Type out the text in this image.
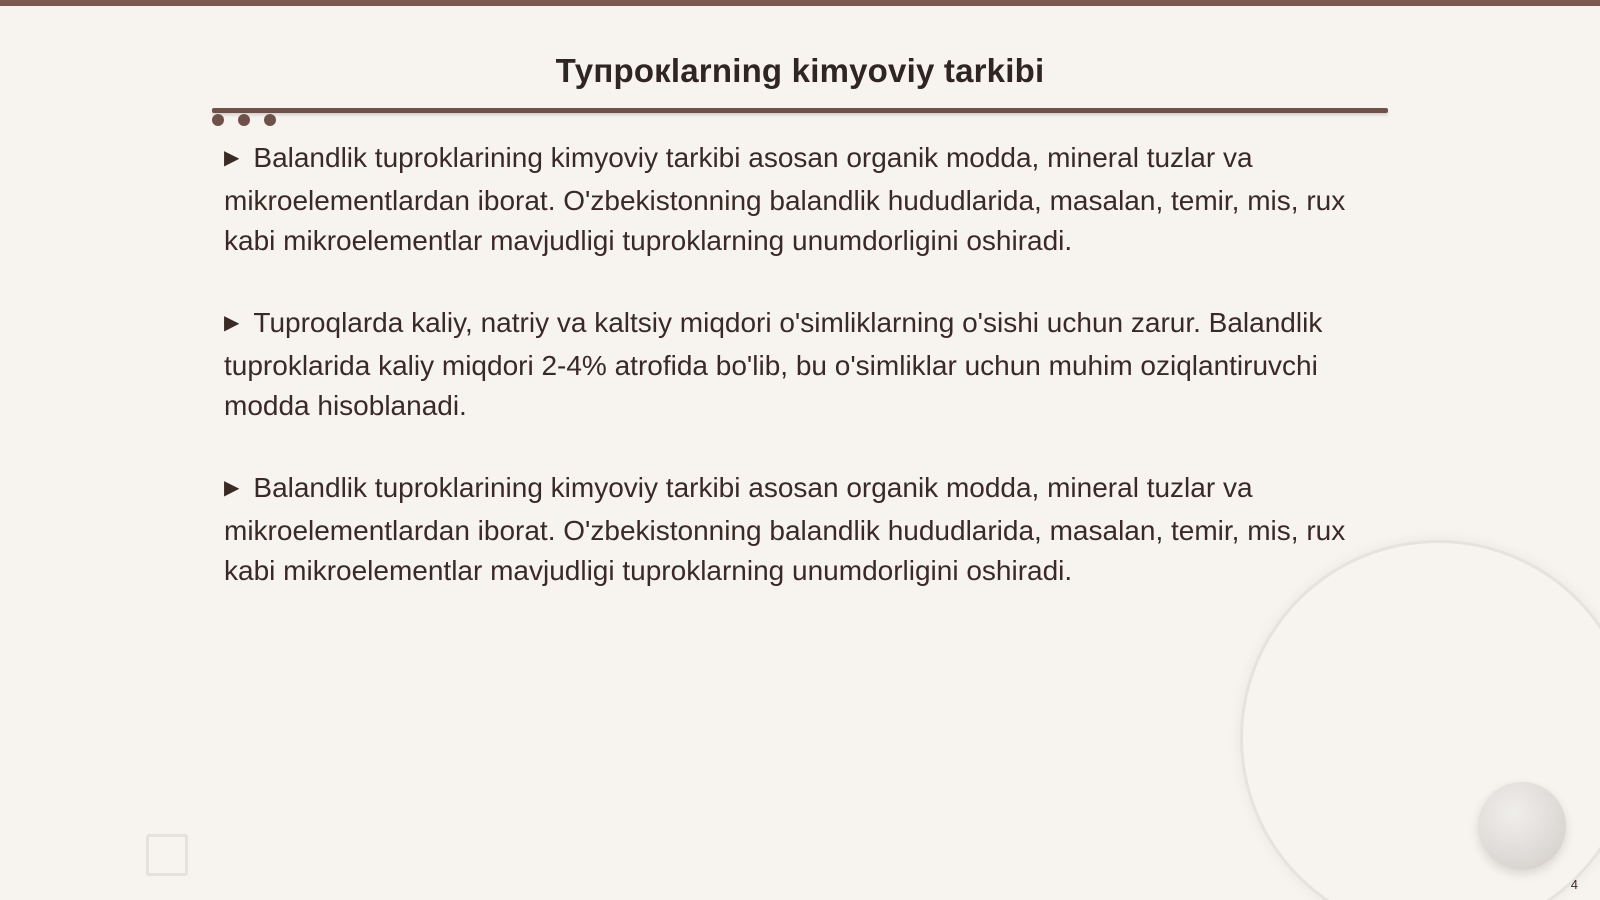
Тупрокlarning kimyoviy tarkibi
▶ Balandlik tuproklarining kimyoviy tarkibi asosan organik modda, mineral tuzlar va mikroelementlardan iborat. O'zbekistonning balandlik hududlarida, masalan, temir, mis, rux kabi mikroelementlar mavjudligi tuproklarning unumdorligini oshiradi.
▶ Tuproqlarda kaliy, natriy va kaltsiy miqdori o'simliklarning o'sishi uchun zarur. Balandlik tuproklarida kaliy miqdori 2-4% atrofida bo'lib, bu o'simliklar uchun muhim oziqlantiruvchi modda hisoblanadi.
▶ Balandlik tuproklarining kimyoviy tarkibi asosan organik modda, mineral tuzlar va mikroelementlardan iborat. O'zbekistonning balandlik hududlarida, masalan, temir, mis, rux kabi mikroelementlar mavjudligi tuproklarning unumdorligini oshiradi.
4
